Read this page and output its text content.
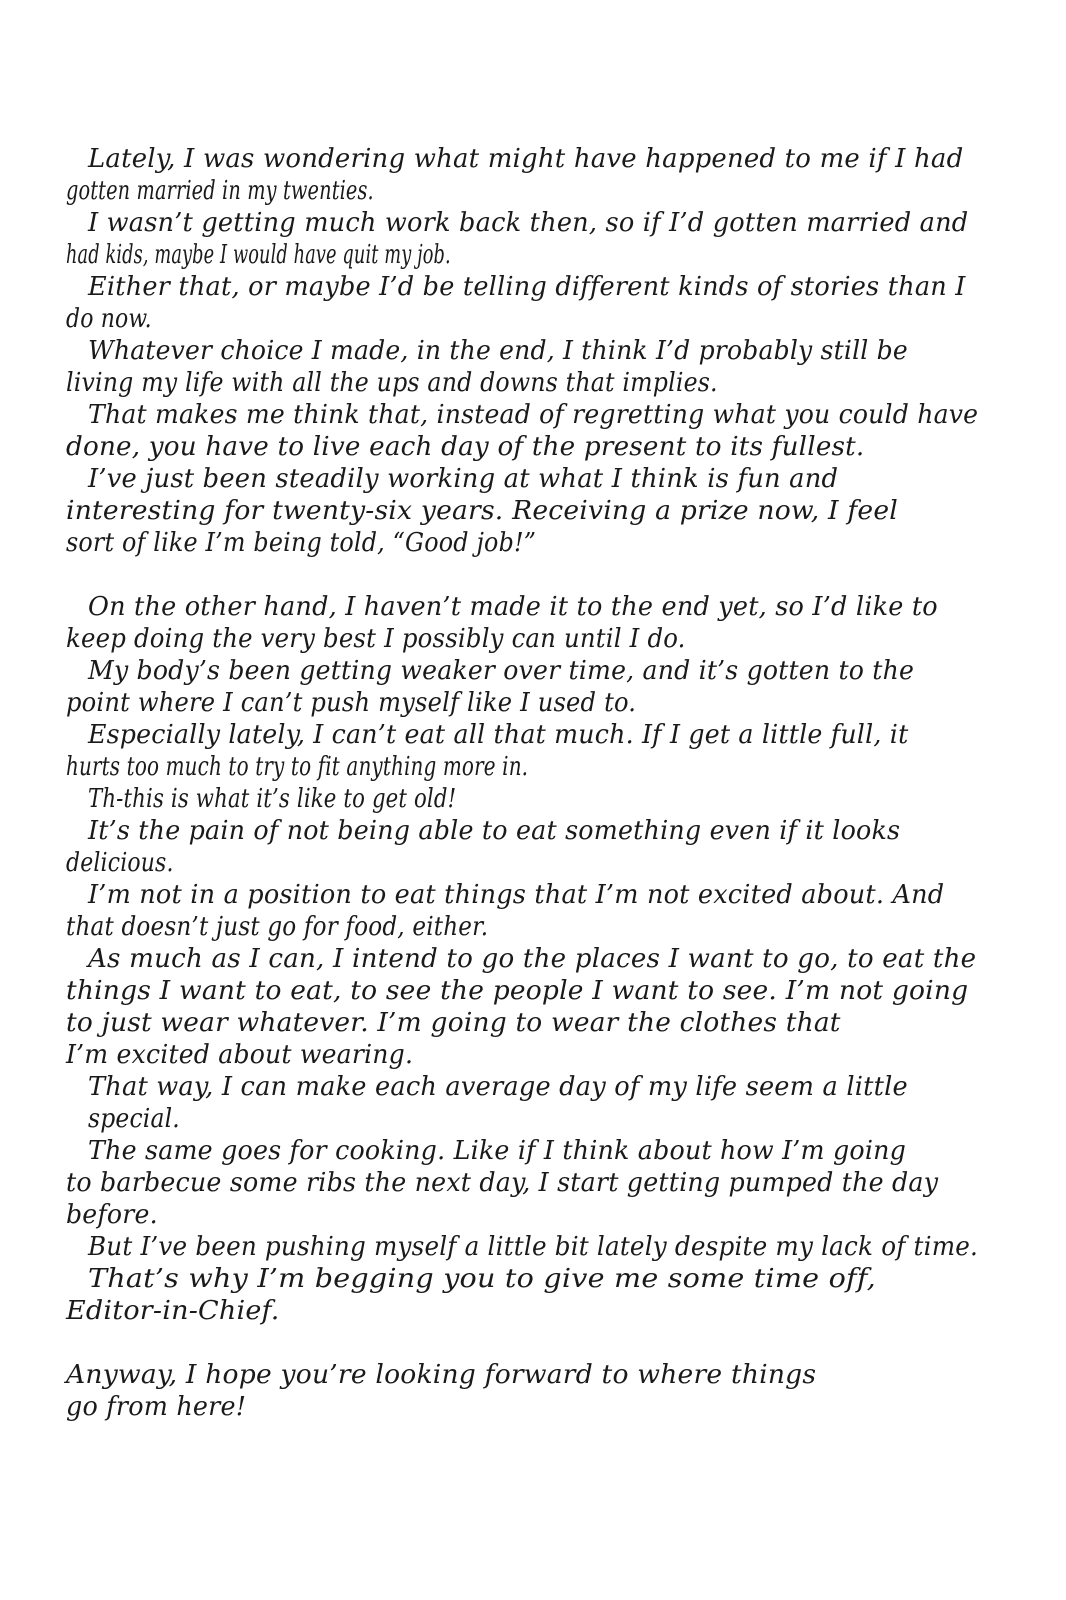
Lately, I was wondering what might have happened to me if I had
gotten married in my twenties.
I wasn’t getting much work back then, so if I’d gotten married and
had kids, maybe I would have quit my job.
Either that, or maybe I’d be telling different kinds of stories than I
do now.
Whatever choice I made, in the end, I think I’d probably still be
living my life with all the ups and downs that implies.
That makes me think that, instead of regretting what you could have
done, you have to live each day of the present to its fullest.
I’ve just been steadily working at what I think is fun and
interesting for twenty-six years. Receiving a prize now, I feel
sort of like I’m being told, “Good job!”
On the other hand, I haven’t made it to the end yet, so I’d like to
keep doing the very best I possibly can until I do.
My body’s been getting weaker over time, and it’s gotten to the
point where I can’t push myself like I used to.
Especially lately, I can’t eat all that much. If I get a little full, it
hurts too much to try to fit anything more in.
Th-this is what it’s like to get old!
It’s the pain of not being able to eat something even if it looks
delicious.
I’m not in a position to eat things that I’m not excited about. And
that doesn’t just go for food, either.
As much as I can, I intend to go the places I want to go, to eat the
things I want to eat, to see the people I want to see. I’m not going
to just wear whatever. I’m going to wear the clothes that
I’m excited about wearing.
That way, I can make each average day of my life seem a little
special.
The same goes for cooking. Like if I think about how I’m going
to barbecue some ribs the next day, I start getting pumped the day
before.
But I’ve been pushing myself a little bit lately despite my lack of time.
That’s why I’m begging you to give me some time off,
Editor-in-Chief.
Anyway, I hope you’re looking forward to where things
go from here!
